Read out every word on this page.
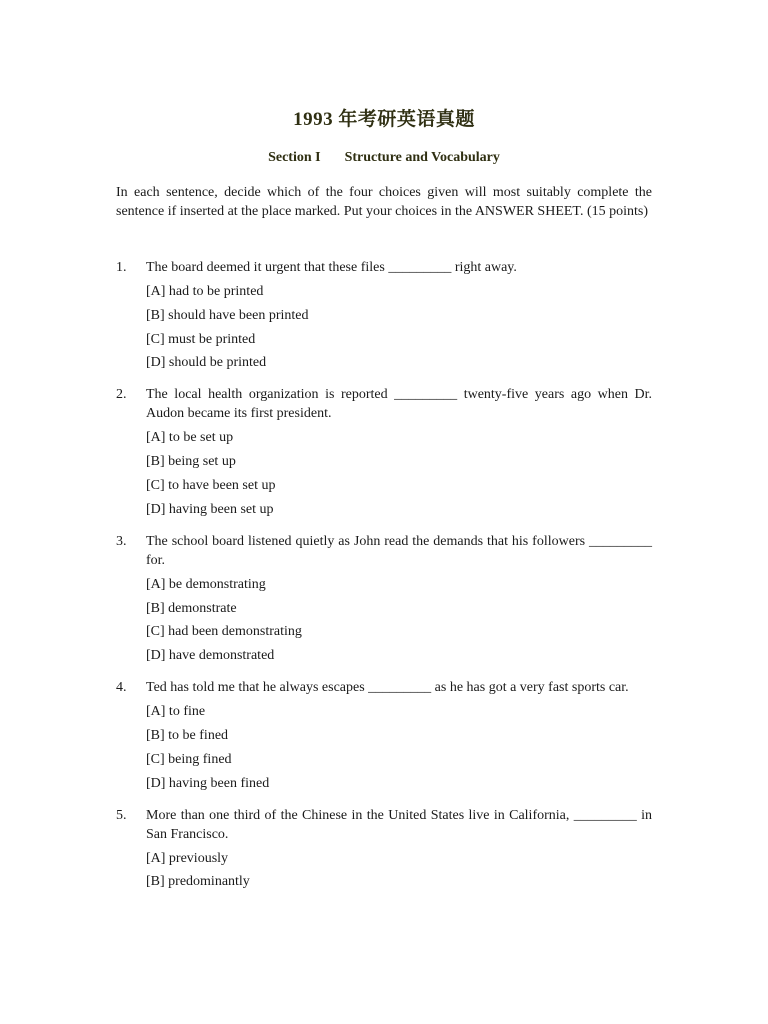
1993 年考研英语真题
Section I Structure and Vocabulary
In each sentence, decide which of the four choices given will most suitably complete the sentence if inserted at the place marked. Put your choices in the ANSWER SHEET. (15 points)
1. The board deemed it urgent that these files _________ right away.
[A] had to be printed
[B] should have been printed
[C] must be printed
[D] should be printed
2. The local health organization is reported _________ twenty-five years ago when Dr. Audon became its first president.
[A] to be set up
[B] being set up
[C] to have been set up
[D] having been set up
3. The school board listened quietly as John read the demands that his followers _________ for.
[A] be demonstrating
[B] demonstrate
[C] had been demonstrating
[D] have demonstrated
4. Ted has told me that he always escapes _________ as he has got a very fast sports car.
[A] to fine
[B] to be fined
[C] being fined
[D] having been fined
5. More than one third of the Chinese in the United States live in California, _________ in San Francisco.
[A] previously
[B] predominantly
